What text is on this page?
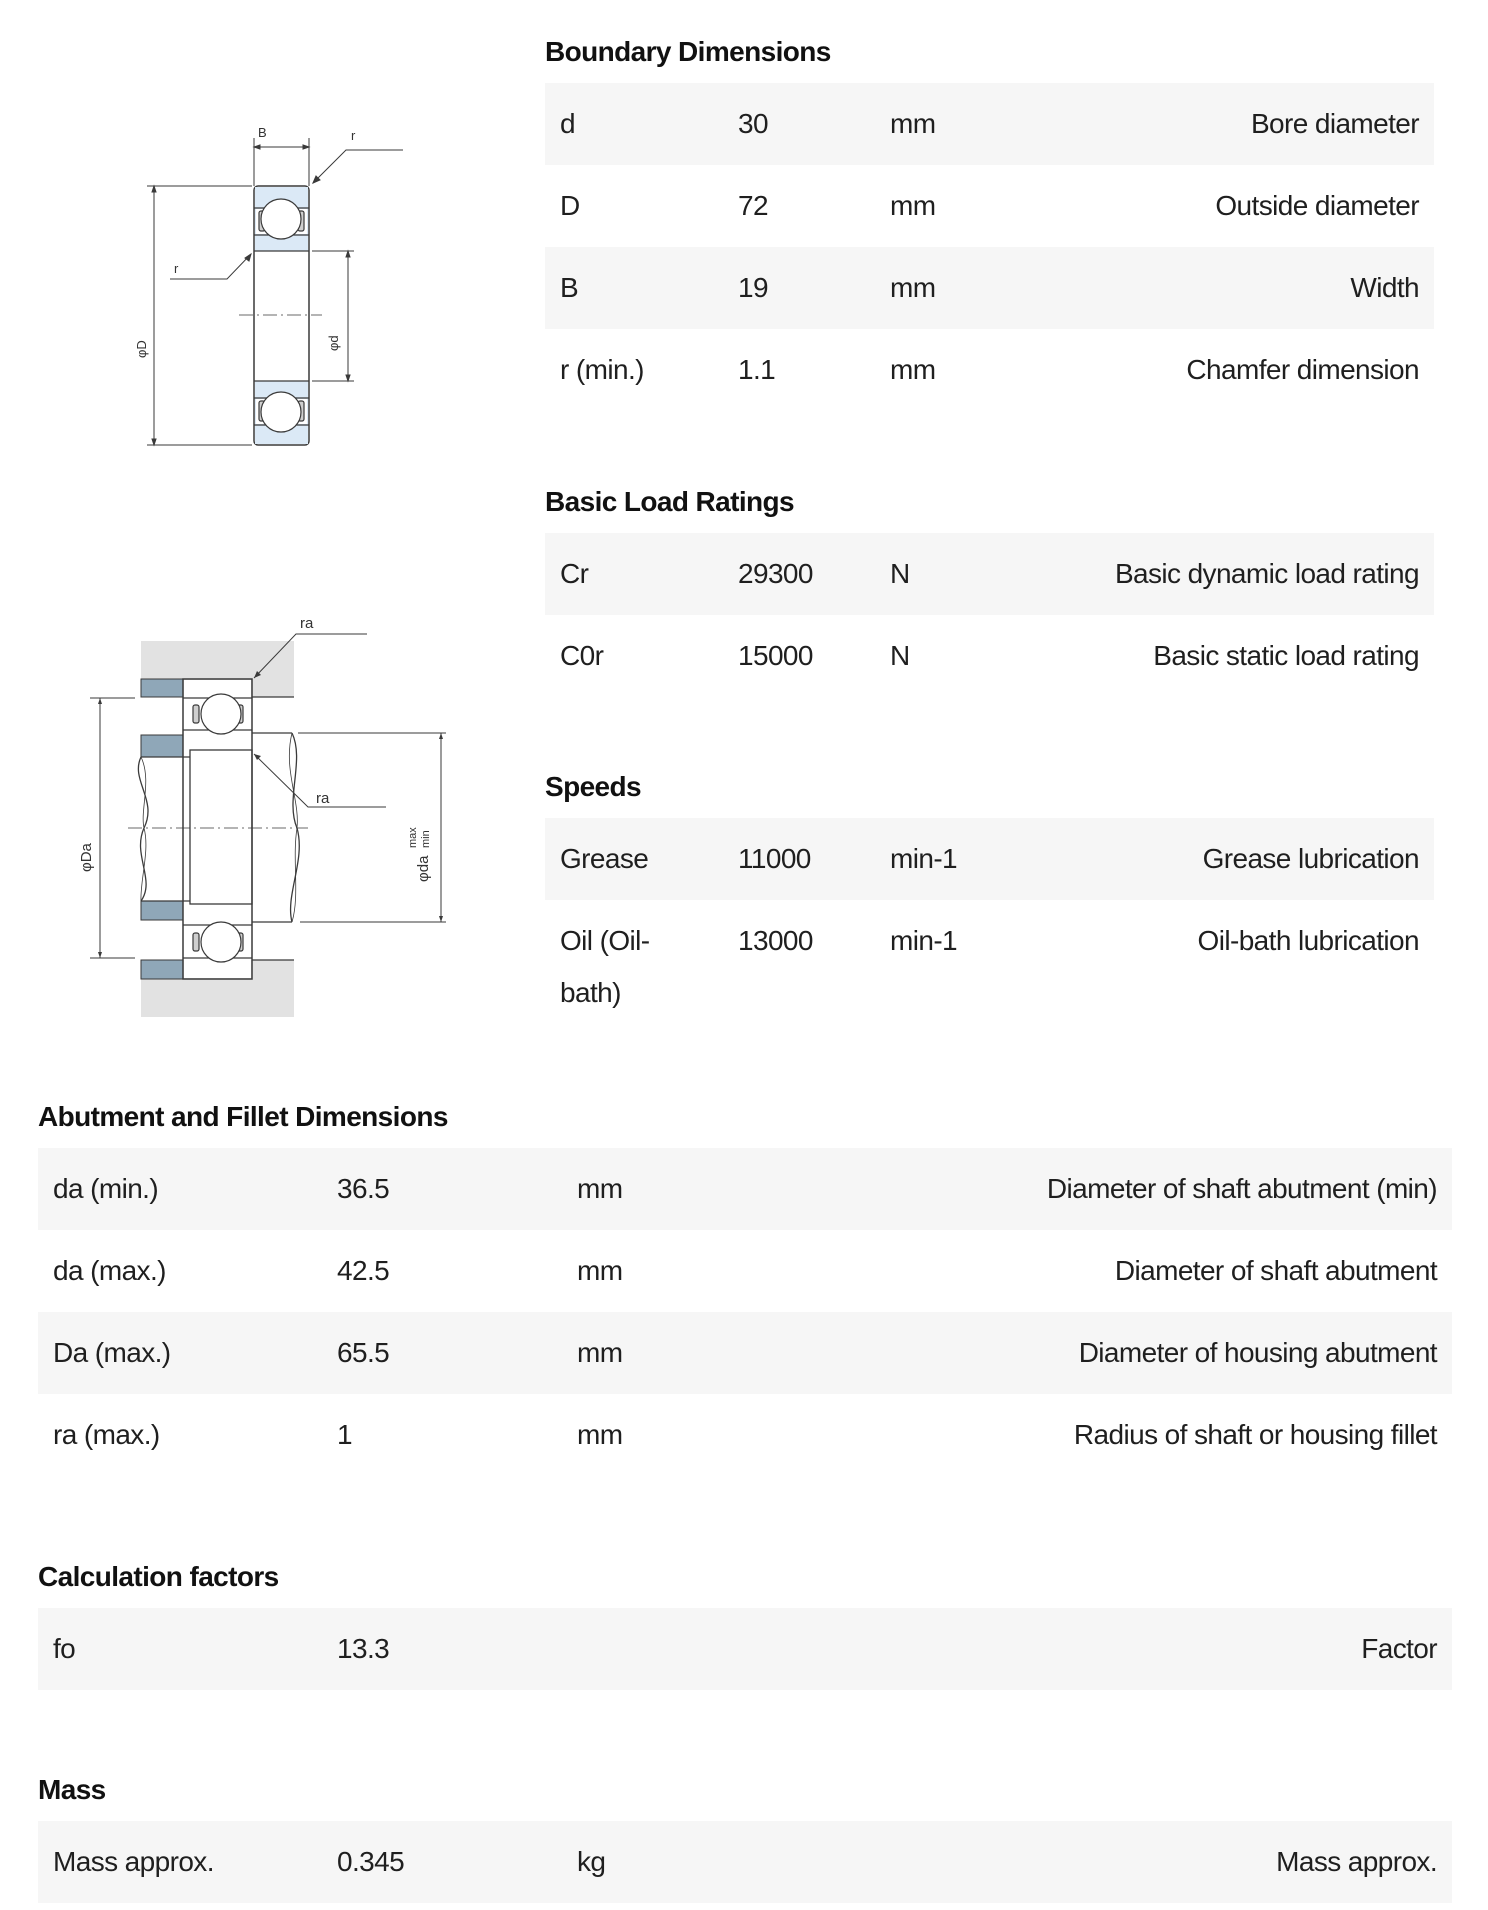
B	r
r
φD	φd
ra
ra
φDa	φda
max min
Boundary Dimensions
d	30	mm	Bore diameter
D	72	mm	Outside diameter
B	19	mm	Width
r (min.)	1.1	mm	Chamfer dimension
Basic Load Ratings
Cr	29300	N	Basic dynamic load rating
C0r	15000	N	Basic static load rating
Speeds
Grease	11000	min-1	Grease lubrication
Oil (Oil-bath)	13000	min-1	Oil-bath lubrication
Abutment and Fillet Dimensions
da (min.)	36.5	mm	Diameter of shaft abutment (min)
da (max.)	42.5	mm	Diameter of shaft abutment
Da (max.)	65.5	mm	Diameter of housing abutment
ra (max.)	1	mm	Radius of shaft or housing fillet
Calculation factors
fo	13.3		Factor
Mass
Mass approx.	0.345	kg	Mass approx.
